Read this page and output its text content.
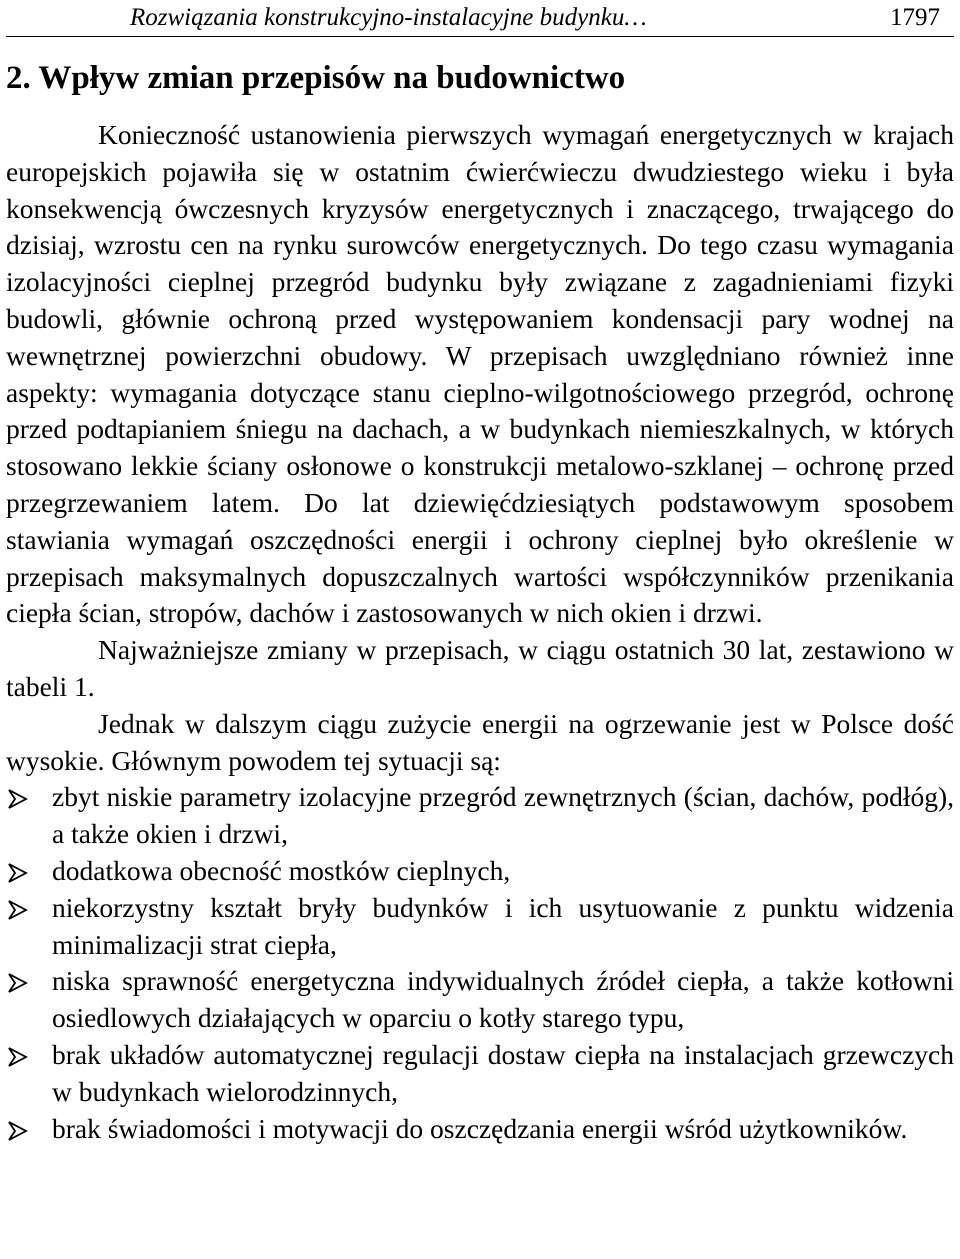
Rozwiązania konstrukcyjno-instalacyjne budynku…	1797
2. Wpływ zmian przepisów na budownictwo

Konieczność ustanowienia pierwszych wymagań energetycznych w krajach europejskich pojawiła się w ostatnim ćwierćwieczu dwudziestego wieku i była konsekwencją ówczesnych kryzysów energetycznych i znaczącego, trwającego do dzisiaj, wzrostu cen na rynku surowców energetycznych. Do tego czasu wymagania izolacyjności cieplnej przegród budynku były związane z zagadnieniami fizyki budowli, głównie ochroną przed występowaniem kondensacji pary wodnej na wewnętrznej powierzchni obudowy. W przepisach uwzględniano również inne aspekty: wymagania dotyczące stanu cieplno-wilgotnościowego przegród, ochronę przed podtapianiem śniegu na dachach, a w budynkach niemieszkalnych, w których stosowano lekkie ściany osłonowe o konstrukcji metalowo-szklanej – ochronę przed przegrzewaniem latem. Do lat dziewięćdziesiątych podstawowym sposobem stawiania wymagań oszczędności energii i ochrony cieplnej było określenie w przepisach maksymalnych dopuszczalnych wartości współczynników przenikania ciepła ścian, stropów, dachów i zastosowanych w nich okien i drzwi.

Najważniejsze zmiany w przepisach, w ciągu ostatnich 30 lat, zestawiono w tabeli 1.

Jednak w dalszym ciągu zużycie energii na ogrzewanie jest w Polsce dość wysokie. Głównym powodem tej sytuacji są:

zbyt niskie parametry izolacyjne przegród zewnętrznych (ścian, dachów, podłóg), a także okien i drzwi,
dodatkowa obecność mostków cieplnych,
niekorzystny kształt bryły budynków i ich usytuowanie z punktu widzenia minimalizacji strat ciepła,
niska sprawność energetyczna indywidualnych źródeł ciepła, a także kotłowni osiedlowych działających w oparciu o kotły starego typu,
brak układów automatycznej regulacji dostaw ciepła na instalacjach grzewczych w budynkach wielorodzinnych,
brak świadomości i motywacji do oszczędzania energii wśród użytkowników.
